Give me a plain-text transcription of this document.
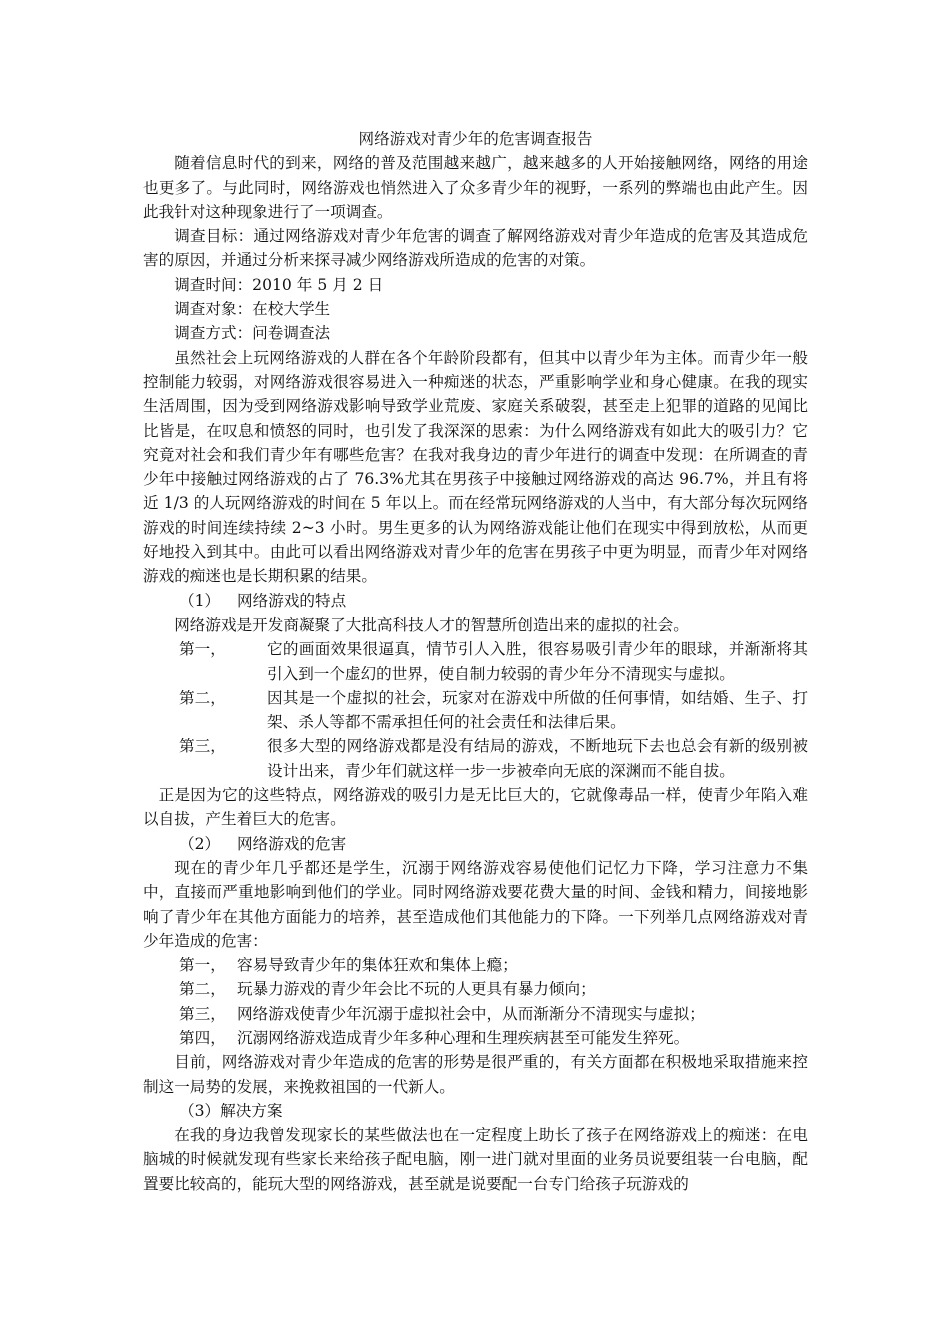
网络游戏对青少年的危害调查报告

随着信息时代的到来，网络的普及范围越来越广，越来越多的人开始接触网络，网络的用途也更多了。与此同时，网络游戏也悄然进入了众多青少年的视野，一系列的弊端也由此产生。因此我针对这种现象进行了一项调查。

调查目标：通过网络游戏对青少年危害的调查了解网络游戏对青少年造成的危害及其造成危害的原因，并通过分析来探寻减少网络游戏所造成的危害的对策。

调查时间：2010 年 5 月 2 日

调查对象：在校大学生

调查方式：问卷调查法

虽然社会上玩网络游戏的人群在各个年龄阶段都有，但其中以青少年为主体。而青少年一般控制能力较弱，对网络游戏很容易进入一种痴迷的状态，严重影响学业和身心健康。在我的现实生活周围，因为受到网络游戏影响导致学业荒废、家庭关系破裂，甚至走上犯罪的道路的见闻比比皆是，在叹息和愤怒的同时，也引发了我深深的思索：为什么网络游戏有如此大的吸引力？它究竟对社会和我们青少年有哪些危害？在我对我身边的青少年进行的调查中发现：在所调查的青少年中接触过网络游戏的占了 76.3%尤其在男孩子中接触过网络游戏的高达 96.7%，并且有将近 1/3 的人玩网络游戏的时间在 5 年以上。而在经常玩网络游戏的人当中，有大部分每次玩网络游戏的时间连续持续 2~3 小时。男生更多的认为网络游戏能让他们在现实中得到放松，从而更好地投入到其中。由此可以看出网络游戏对青少年的危害在男孩子中更为明显，而青少年对网络游戏的痴迷也是长期积累的结果。

（1） 网络游戏的特点

网络游戏是开发商凝聚了大批高科技人才的智慧所创造出来的虚拟的社会。

第一，	它的画面效果很逼真，情节引人入胜，很容易吸引青少年的眼球，并渐渐将其引入到一个虚幻的世界，使自制力较弱的青少年分不清现实与虚拟。
第二，	因其是一个虚拟的社会，玩家对在游戏中所做的任何事情，如结婚、生子、打架、杀人等都不需承担任何的社会责任和法律后果。
第三，	很多大型的网络游戏都是没有结局的游戏，不断地玩下去也总会有新的级别被设计出来，青少年们就这样一步一步被牵向无底的深渊而不能自拔。

正是因为它的这些特点，网络游戏的吸引力是无比巨大的，它就像毒品一样，使青少年陷入难以自拔，产生着巨大的危害。

（2） 网络游戏的危害

现在的青少年几乎都还是学生，沉溺于网络游戏容易使他们记忆力下降，学习注意力不集中，直接而严重地影响到他们的学业。同时网络游戏要花费大量的时间、金钱和精力，间接地影响了青少年在其他方面能力的培养，甚至造成他们其他能力的下降。一下列举几点网络游戏对青少年造成的危害：

第一， 容易导致青少年的集体狂欢和集体上瘾；

第二， 玩暴力游戏的青少年会比不玩的人更具有暴力倾向；

第三， 网络游戏使青少年沉溺于虚拟社会中，从而渐渐分不清现实与虚拟；

第四， 沉溺网络游戏造成青少年多种心理和生理疾病甚至可能发生猝死。

目前，网络游戏对青少年造成的危害的形势是很严重的，有关方面都在积极地采取措施来控制这一局势的发展，来挽救祖国的一代新人。

（3）解决方案

在我的身边我曾发现家长的某些做法也在一定程度上助长了孩子在网络游戏上的痴迷：在电脑城的时候就发现有些家长来给孩子配电脑，刚一进门就对里面的业务员说要组装一台电脑，配置要比较高的，能玩大型的网络游戏，甚至就是说要配一台专门给孩子玩游戏的
